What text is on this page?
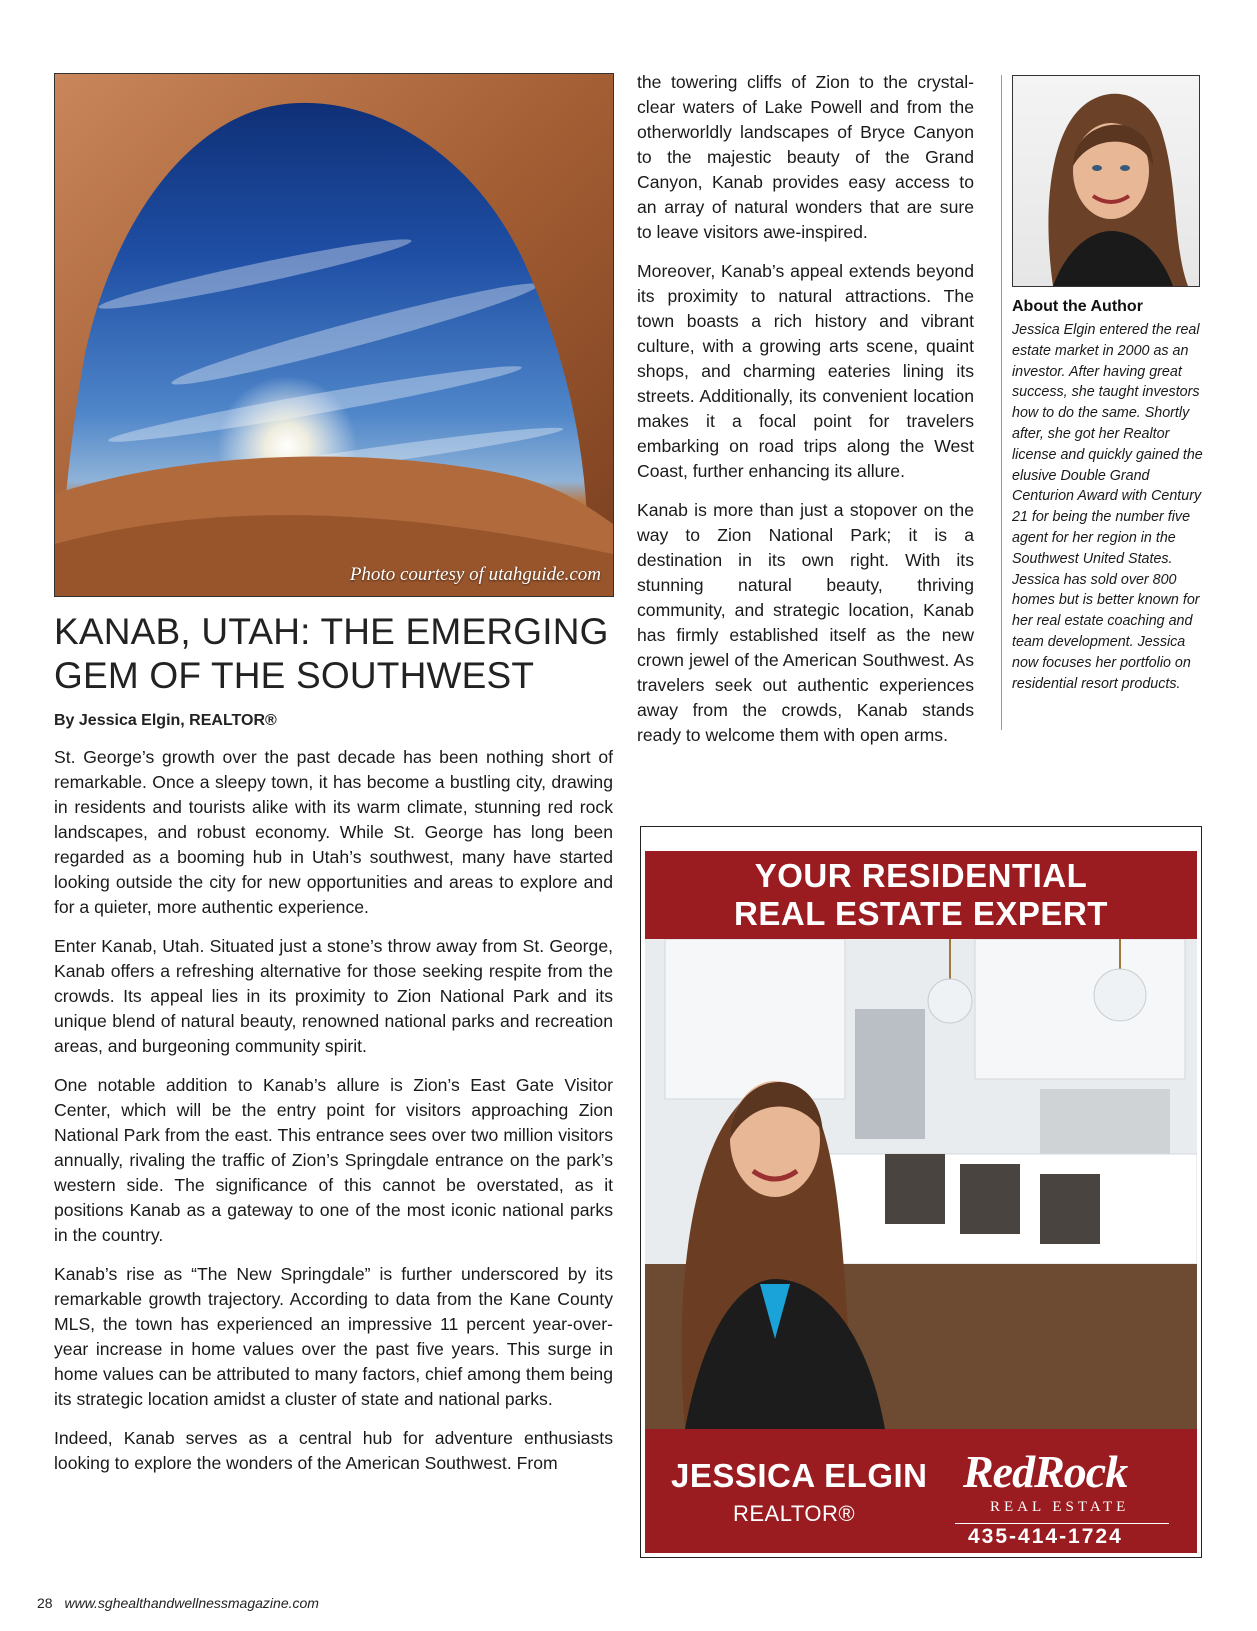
Photo courtesy of utahguide.com
KANAB, UTAH: THE EMERGING
GEM OF THE SOUTHWEST
By Jessica Elgin, REALTOR®

St. George’s growth over the past decade has been nothing short of remarkable. Once a sleepy town, it has become a bustling city, drawing in residents and tourists alike with its warm climate, stunning red rock landscapes, and robust economy. While St. George has long been regarded as a booming hub in Utah’s southwest, many have started looking outside the city for new opportunities and areas to explore and for a quieter, more authentic experience.

Enter Kanab, Utah. Situated just a stone’s throw away from St. George, Kanab offers a refreshing alternative for those seeking respite from the crowds. Its appeal lies in its proximity to Zion National Park and its unique blend of natural beauty, renowned national parks and recreation areas, and burgeoning community spirit.

One notable addition to Kanab’s allure is Zion’s East Gate Visitor Center, which will be the entry point for visitors approaching Zion National Park from the east. This entrance sees over two million visitors annually, rivaling the traffic of Zion’s Springdale entrance on the park’s western side. The significance of this cannot be overstated, as it positions Kanab as a gateway to one of the most iconic national parks in the country.

Kanab’s rise as “The New Springdale” is further underscored by its remarkable growth trajectory. According to data from the Kane County MLS, the town has experienced an impressive 11 percent year-over-year increase in home values over the past five years. This surge in home values can be attributed to many factors, chief among them being its strategic location amidst a cluster of state and national parks.

Indeed, Kanab serves as a central hub for adventure enthusiasts looking to explore the wonders of the American Southwest. From

the towering cliffs of Zion to the crystal-clear waters of Lake Powell and from the otherworldly landscapes of Bryce Canyon to the majestic beauty of the Grand Canyon, Kanab provides easy access to an array of natural wonders that are sure to leave visitors awe-inspired.

Moreover, Kanab’s appeal extends beyond its proximity to natural attractions. The town boasts a rich history and vibrant culture, with a growing arts scene, quaint shops, and charming eateries lining its streets. Additionally, its convenient location makes it a focal point for travelers embarking on road trips along the West Coast, further enhancing its allure.

Kanab is more than just a stopover on the way to Zion National Park; it is a destination in its own right. With its stunning natural beauty, thriving community, and strategic location, Kanab has firmly established itself as the new crown jewel of the American Southwest. As travelers seek out authentic experiences away from the crowds, Kanab stands ready to welcome them with open arms.

About the Author
Jessica Elgin entered the real estate market in 2000 as an investor. After having great success, she taught investors how to do the same. Shortly after, she got her Realtor license and quickly gained the elusive Double Grand Centurion Award with Century 21 for being the number five agent for her region in the Southwest United States. Jessica has sold over 800 homes but is better known for her real estate coaching and team development. Jessica now focuses her portfolio on residential resort products.
YOUR RESIDENTIAL
REAL ESTATE EXPERT
JESSICA ELGIN
REALTOR®
RedRock
REAL ESTATE
435-414-1724
28 www.sghealthandwellnessmagazine.com
